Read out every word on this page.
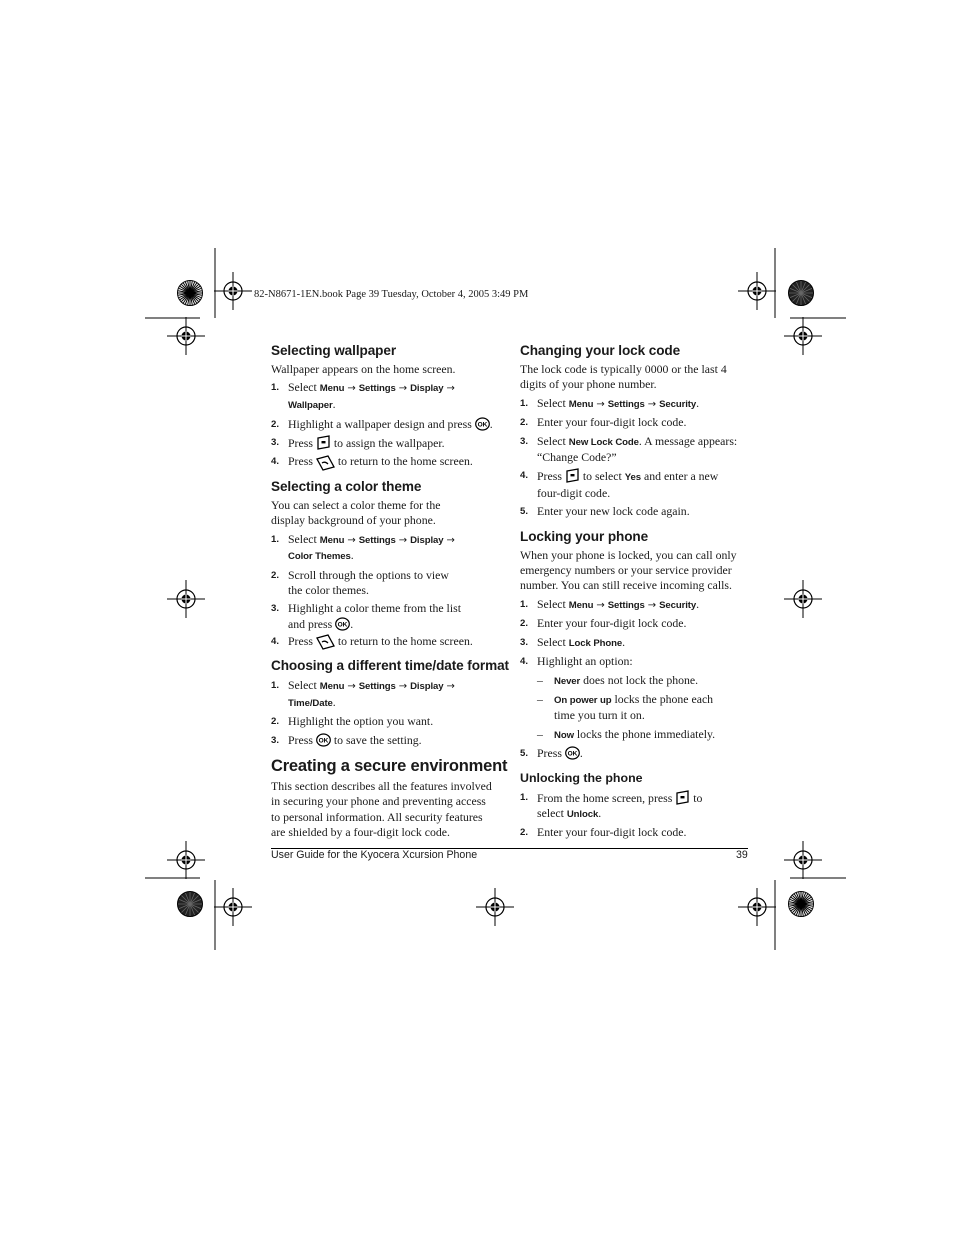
82-N8671-1EN.book Page 39 Tuesday, October 4, 2005 3:49 PM
Selecting wallpaper

Wallpaper appears on the home screen.

1. Select Menu → Settings → Display →
Wallpaper.
2. Highlight a wallpaper design and press OK .
3. Press to assign the wallpaper.
4. Press to return to the home screen.
Selecting a color theme

You can select a color theme for the display background of your phone.

1. Select Menu → Settings → Display →
Color Themes.
2. Scroll through the options to view the color themes.
3. Highlight a color theme from the list and press OK .
4. Press to return to the home screen.
Choosing a different time/date format
1. Select Menu → Settings → Display →
Time/Date.
2. Highlight the option you want.
3. Press OK to save the setting.
Creating a secure environment

This section describes all the features involved in securing your phone and preventing access to personal information. All security features are shielded by a four-digit lock code.

Changing your lock code

The lock code is typically 0000 or the last 4 digits of your phone number.

1. Select Menu → Settings → Security.
2. Enter your four-digit lock code.
3. Select New Lock Code. A message appears: “Change Code?”
4. Press to select Yes and enter a new four-digit code.
5. Enter your new lock code again.
Locking your phone

When your phone is locked, you can call only emergency numbers or your service provider number. You can still receive incoming calls.

1. Select Menu → Settings → Security.
2. Enter your four-digit lock code.
3. Select Lock Phone.
4. Highlight an option:
– Never does not lock the phone.
– On power up locks the phone each time you turn it on.
– Now locks the phone immediately.
5. Press OK .
Unlocking the phone
1. From the home screen, press to select Unlock.
2. Enter your four-digit lock code.
User Guide for the Kyocera Xcursion Phone	39
